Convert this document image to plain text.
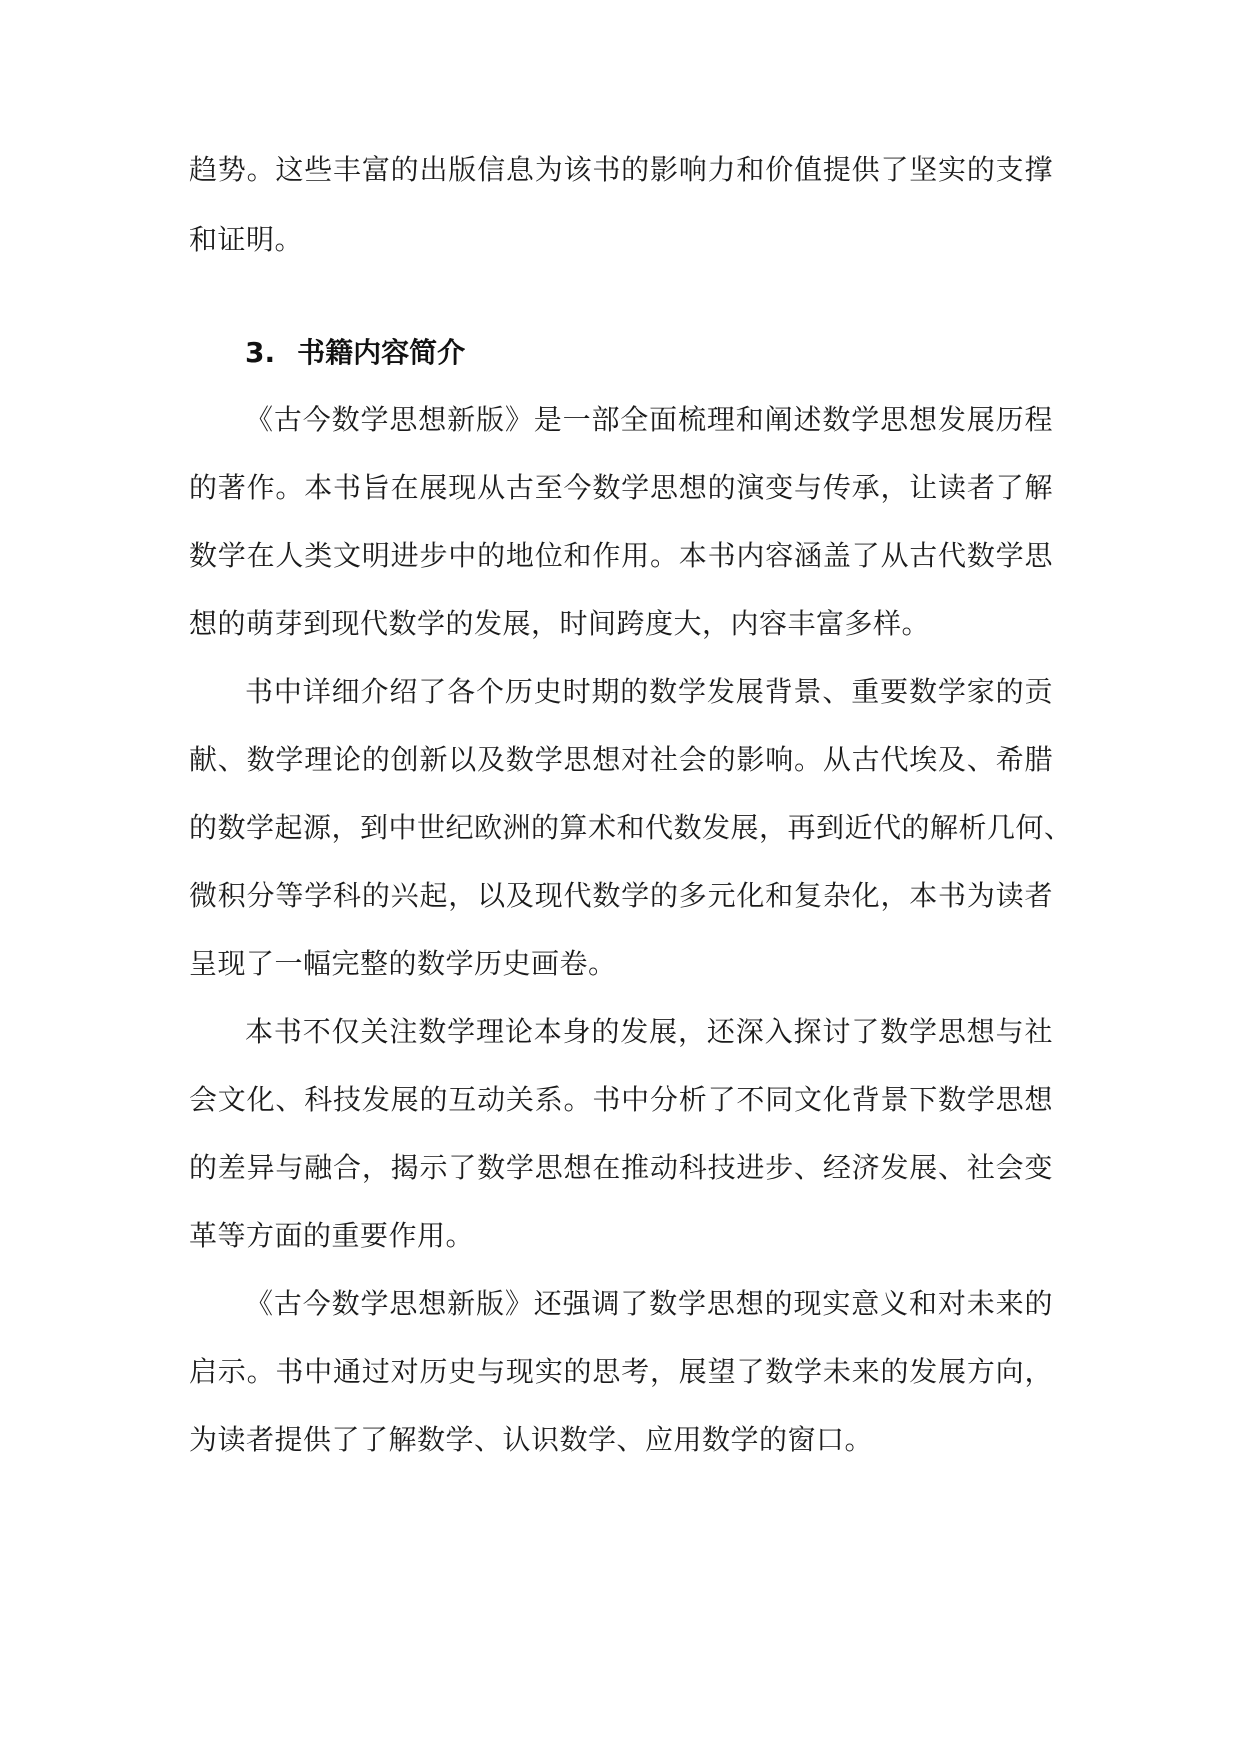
趋势。这些丰富的出版信息为该书的影响力和价值提供了坚实的支撑
和证明。
3. 书籍内容简介
《古今数学思想新版》是一部全面梳理和阐述数学思想发展历程
的著作。本书旨在展现从古至今数学思想的演变与传承，让读者了解
数学在人类文明进步中的地位和作用。本书内容涵盖了从古代数学思
想的萌芽到现代数学的发展，时间跨度大，内容丰富多样。
书中详细介绍了各个历史时期的数学发展背景、重要数学家的贡
献、数学理论的创新以及数学思想对社会的影响。从古代埃及、希腊
的数学起源，到中世纪欧洲的算术和代数发展，再到近代的解析几何、
微积分等学科的兴起，以及现代数学的多元化和复杂化，本书为读者
呈现了一幅完整的数学历史画卷。
本书不仅关注数学理论本身的发展，还深入探讨了数学思想与社
会文化、科技发展的互动关系。书中分析了不同文化背景下数学思想
的差异与融合，揭示了数学思想在推动科技进步、经济发展、社会变
革等方面的重要作用。
《古今数学思想新版》还强调了数学思想的现实意义和对未来的
启示。书中通过对历史与现实的思考，展望了数学未来的发展方向，
为读者提供了了解数学、认识数学、应用数学的窗口。
